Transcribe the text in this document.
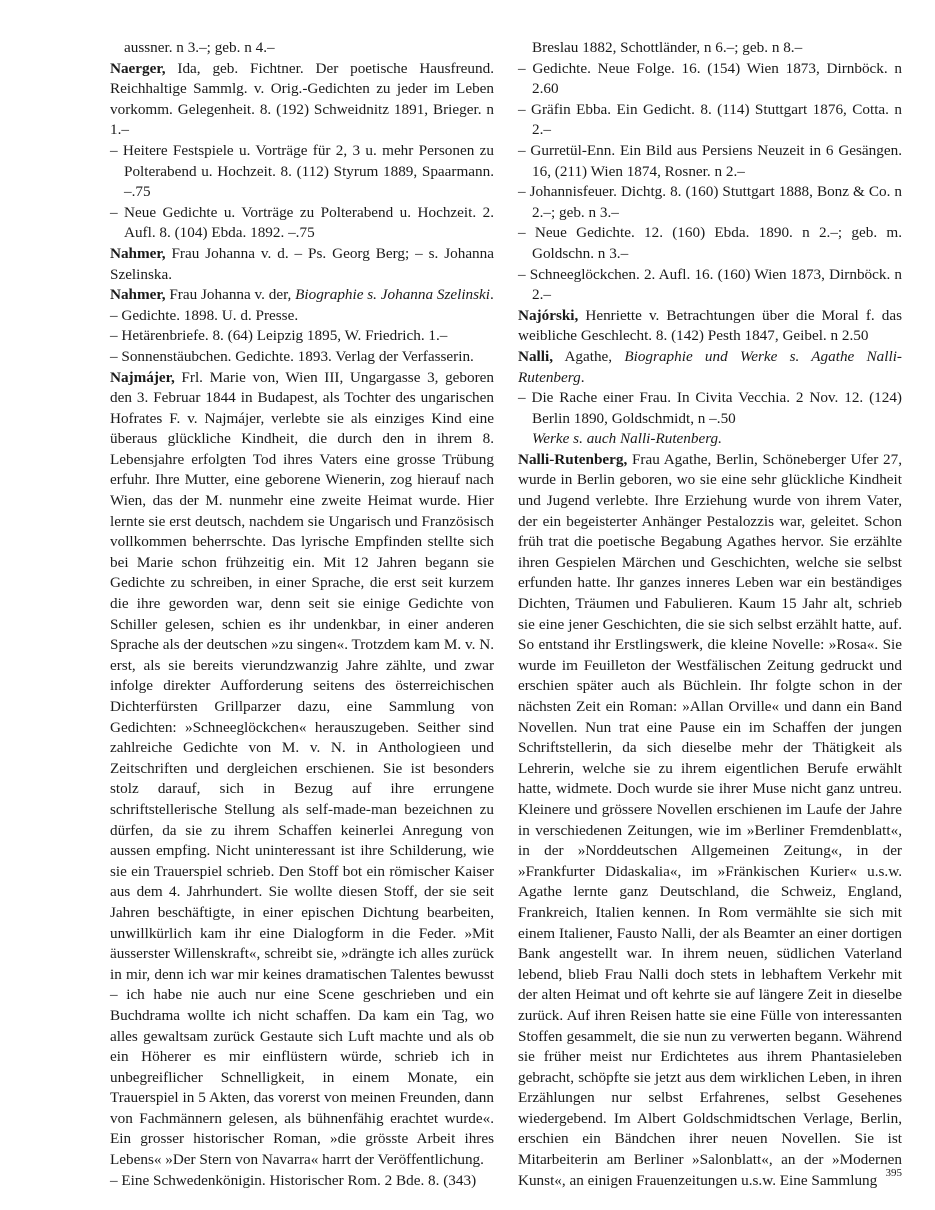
aussner. n 3.–; geb. n 4.–

Naerger, Ida, geb. Fichtner. Der poetische Hausfreund. Reichhaltige Sammlg. v. Orig.-Gedichten zu jeder im Leben vorkomm. Gelegenheit. 8. (192) Schweidnitz 1891, Brieger. n 1.–

– Heitere Festspiele u. Vorträge für 2, 3 u. mehr Personen zu Polterabend u. Hochzeit. 8. (112) Styrum 1889, Spaarmann. –.75

– Neue Gedichte u. Vorträge zu Polterabend u. Hochzeit. 2. Aufl. 8. (104) Ebda. 1892. –.75

Nahmer, Frau Johanna v. d. – Ps. Georg Berg; – s. Johanna Szelinska.

Nahmer, Frau Johanna v. der, Biographie s. Johanna Szelinski.

– Gedichte. 1898. U. d. Presse.

– Hetärenbriefe. 8. (64) Leipzig 1895, W. Friedrich. 1.–

– Sonnenstäubchen. Gedichte. 1893. Verlag der Verfasserin.

Najmájer, Frl. Marie von, Wien III, Ungargasse 3, geboren den 3. Februar 1844 in Budapest, als Tochter des ungarischen Hofrates F. v. Najmájer, verlebte sie als einziges Kind eine überaus glückliche Kindheit, die durch den in ihrem 8. Lebensjahre erfolgten Tod ihres Vaters eine grosse Trübung erfuhr. Ihre Mutter, eine geborene Wienerin, zog hierauf nach Wien, das der M. nunmehr eine zweite Heimat wurde. Hier lernte sie erst deutsch, nachdem sie Ungarisch und Französisch vollkommen beherrschte. Das lyrische Empfinden stellte sich bei Marie schon frühzeitig ein. Mit 12 Jahren begann sie Gedichte zu schreiben, in einer Sprache, die erst seit kurzem die ihre geworden war, denn seit sie einige Gedichte von Schiller gelesen, schien es ihr undenkbar, in einer anderen Sprache als der deutschen »zu singen«. Trotzdem kam M. v. N. erst, als sie bereits vierundzwanzig Jahre zählte, und zwar infolge direkter Aufforderung seitens des österreichischen Dichterfürsten Grillparzer dazu, eine Sammlung von Gedichten: »Schneeglöckchen« herauszugeben. Seither sind zahlreiche Gedichte von M. v. N. in Anthologieen und Zeitschriften und dergleichen erschienen. Sie ist besonders stolz darauf, sich in Bezug auf ihre errungene schriftstellerische Stellung als self-made-man bezeichnen zu dürfen, da sie zu ihrem Schaffen keinerlei Anregung von aussen empfing. Nicht uninteressant ist ihre Schilderung, wie sie ein Trauerspiel schrieb. Den Stoff bot ein römischer Kaiser aus dem 4. Jahrhundert. Sie wollte diesen Stoff, der sie seit Jahren beschäftigte, in einer epischen Dichtung bearbeiten, unwillkürlich kam ihr eine Dialogform in die Feder. »Mit äusserster Willenskraft«, schreibt sie, »drängte ich alles zurück in mir, denn ich war mir keines dramatischen Talentes bewusst – ich habe nie auch nur eine Scene geschrieben und ein Buchdrama wollte ich nicht schaffen. Da kam ein Tag, wo alles gewaltsam zurück Gestaute sich Luft machte und als ob ein Höherer es mir einflüstern würde, schrieb ich in unbegreiflicher Schnelligkeit, in einem Monate, ein Trauerspiel in 5 Akten, das vorerst von meinen Freunden, dann von Fachmännern gelesen, als bühnenfähig erachtet wurde«. Ein grosser historischer Roman, »die grösste Arbeit ihres Lebens« »Der Stern von Navarra« harrt der Veröffentlichung.

– Eine Schwedenkönigin. Historischer Rom. 2 Bde. 8. (343)

Breslau 1882, Schottländer, n 6.–; geb. n 8.–

– Gedichte. Neue Folge. 16. (154) Wien 1873, Dirnböck. n 2.60

– Gräfin Ebba. Ein Gedicht. 8. (114) Stuttgart 1876, Cotta. n 2.–

– Gurretül-Enn. Ein Bild aus Persiens Neuzeit in 6 Gesängen. 16, (211) Wien 1874, Rosner. n 2.–

– Johannisfeuer. Dichtg. 8. (160) Stuttgart 1888, Bonz & Co. n 2.–; geb. n 3.–

– Neue Gedichte. 12. (160) Ebda. 1890. n 2.–; geb. m. Goldschn. n 3.–

– Schneeglöckchen. 2. Aufl. 16. (160) Wien 1873, Dirnböck. n 2.–

Najórski, Henriette v. Betrachtungen über die Moral f. das weibliche Geschlecht. 8. (142) Pesth 1847, Geibel. n 2.50

Nalli, Agathe, Biographie und Werke s. Agathe Nalli-Rutenberg.

– Die Rache einer Frau. In Civita Vecchia. 2 Nov. 12. (124) Berlin 1890, Goldschmidt, n –.50

Werke s. auch Nalli-Rutenberg.

Nalli-Rutenberg, Frau Agathe, Berlin, Schöneberger Ufer 27, wurde in Berlin geboren, wo sie eine sehr glückliche Kindheit und Jugend verlebte. Ihre Erziehung wurde von ihrem Vater, der ein begeisterter Anhänger Pestalozzis war, geleitet. Schon früh trat die poetische Begabung Agathes hervor. Sie erzählte ihren Gespielen Märchen und Geschichten, welche sie selbst erfunden hatte. Ihr ganzes inneres Leben war ein beständiges Dichten, Träumen und Fabulieren. Kaum 15 Jahr alt, schrieb sie eine jener Geschichten, die sie sich selbst erzählt hatte, auf. So entstand ihr Erstlingswerk, die kleine Novelle: »Rosa«. Sie wurde im Feuilleton der Westfälischen Zeitung gedruckt und erschien später auch als Büchlein. Ihr folgte schon in der nächsten Zeit ein Roman: »Allan Orville« und dann ein Band Novellen. Nun trat eine Pause ein im Schaffen der jungen Schriftstellerin, da sich dieselbe mehr der Thätigkeit als Lehrerin, welche sie zu ihrem eigentlichen Berufe erwählt hatte, widmete. Doch wurde sie ihrer Muse nicht ganz untreu. Kleinere und grössere Novellen erschienen im Laufe der Jahre in verschiedenen Zeitungen, wie im »Berliner Fremdenblatt«, in der »Norddeutschen Allgemeinen Zeitung«, in der »Frankfurter Didaskalia«, im »Fränkischen Kurier« u.s.w. Agathe lernte ganz Deutschland, die Schweiz, England, Frankreich, Italien kennen. In Rom vermählte sie sich mit einem Italiener, Fausto Nalli, der als Beamter an einer dortigen Bank angestellt war. In ihrem neuen, südlichen Vaterland lebend, blieb Frau Nalli doch stets in lebhaftem Verkehr mit der alten Heimat und oft kehrte sie auf längere Zeit in dieselbe zurück. Auf ihren Reisen hatte sie eine Fülle von interessanten Stoffen gesammelt, die sie nun zu verwerten begann. Während sie früher meist nur Erdichtetes aus ihrem Phantasieleben gebracht, schöpfte sie jetzt aus dem wirklichen Leben, in ihren Erzählungen nur selbst Erfahrenes, selbst Gesehenes wiedergebend. Im Albert Goldschmidtschen Verlage, Berlin, erschien ein Bändchen ihrer neuen Novellen. Sie ist Mitarbeiterin am Berliner »Salonblatt«, an der »Modernen Kunst«, an einigen Frauenzeitungen u.s.w. Eine Sammlung 395
